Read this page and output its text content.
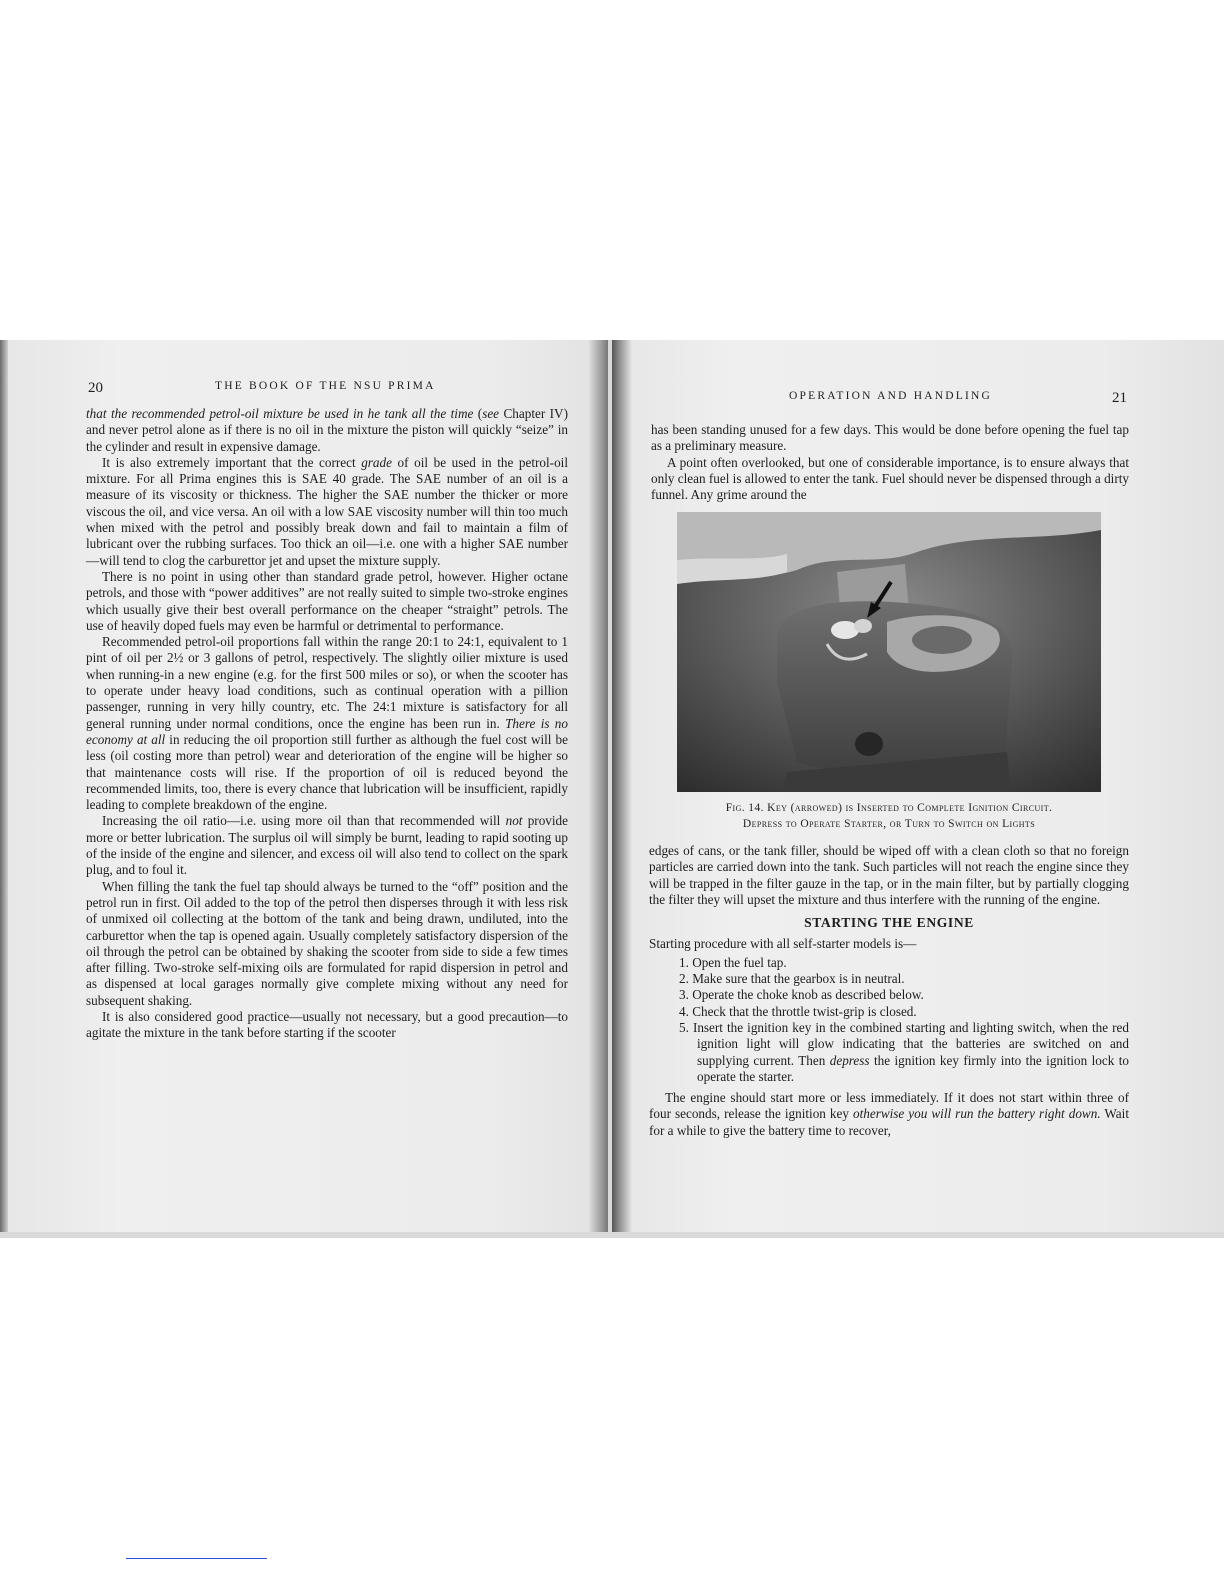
20	THE BOOK OF THE NSU PRIMA
OPERATION AND HANDLING	21

that the recommended petrol-oil mixture be used in he tank all the time (see Chapter IV) and never petrol alone as if there is no oil in the mixture the piston will quickly “seize” in the cylinder and result in expensive damage.

It is also extremely important that the correct grade of oil be used in the petrol-oil mixture. For all Prima engines this is SAE 40 grade. The SAE number of an oil is a measure of its viscosity or thickness. The higher the SAE number the thicker or more viscous the oil, and vice versa. An oil with a low SAE viscosity number will thin too much when mixed with the petrol and possibly break down and fail to maintain a film of lubricant over the rubbing surfaces. Too thick an oil—i.e. one with a higher SAE number—will tend to clog the carburettor jet and upset the mixture supply.

There is no point in using other than standard grade petrol, however. Higher octane petrols, and those with “power additives” are not really suited to simple two-stroke engines which usually give their best overall performance on the cheaper “straight” petrols. The use of heavily doped fuels may even be harmful or detrimental to performance.

Recommended petrol-oil proportions fall within the range 20:1 to 24:1, equivalent to 1 pint of oil per 2½ or 3 gallons of petrol, respectively. The slightly oilier mixture is used when running-in a new engine (e.g. for the first 500 miles or so), or when the scooter has to operate under heavy load conditions, such as continual operation with a pillion passenger, running in very hilly country, etc. The 24:1 mixture is satisfactory for all general running under normal conditions, once the engine has been run in. There is no economy at all in reducing the oil proportion still further as although the fuel cost will be less (oil costing more than petrol) wear and deterioration of the engine will be higher so that maintenance costs will rise. If the proportion of oil is reduced beyond the recommended limits, too, there is every chance that lubrication will be insufficient, rapidly leading to complete breakdown of the engine.

Increasing the oil ratio—i.e. using more oil than that recommended will not provide more or better lubrication. The surplus oil will simply be burnt, leading to rapid sooting up of the inside of the engine and silencer, and excess oil will also tend to collect on the spark plug, and to foul it.

When filling the tank the fuel tap should always be turned to the “off” position and the petrol run in first. Oil added to the top of the petrol then disperses through it with less risk of unmixed oil collecting at the bottom of the tank and being drawn, undiluted, into the carburettor when the tap is opened again. Usually completely satisfactory dispersion of the oil through the petrol can be obtained by shaking the scooter from side to side a few times after filling. Two-stroke self-mixing oils are formulated for rapid dispersion in petrol and as dispensed at local garages normally give complete mixing without any need for subsequent shaking.

It is also considered good practice—usually not necessary, but a good precaution—to agitate the mixture in the tank before starting if the scooter

has been standing unused for a few days. This would be done before opening the fuel tap as a preliminary measure.

A point often overlooked, but one of considerable importance, is to ensure always that only clean fuel is allowed to enter the tank. Fuel should never be dispensed through a dirty funnel. Any grime around the

Fig. 14. Key (arrowed) is Inserted to Complete Ignition Circuit.
Depress to Operate Starter, or Turn to Switch on Lights

edges of cans, or the tank filler, should be wiped off with a clean cloth so that no foreign particles are carried down into the tank. Such particles will not reach the engine since they will be trapped in the filter gauze in the tap, or in the main filter, but by partially clogging the filter they will upset the mixture and thus interfere with the running of the engine.

STARTING THE ENGINE

Starting procedure with all self-starter models is—

1. Open the fuel tap.
2. Make sure that the gearbox is in neutral.
3. Operate the choke knob as described below.
4. Check that the throttle twist-grip is closed.
5. Insert the ignition key in the combined starting and lighting switch, when the red ignition light will glow indicating that the batteries are switched on and supplying current. Then depress the ignition key firmly into the ignition lock to operate the starter.

The engine should start more or less immediately. If it does not start within three of four seconds, release the ignition key otherwise you will run the battery right down. Wait for a while to give the battery time to recover,
